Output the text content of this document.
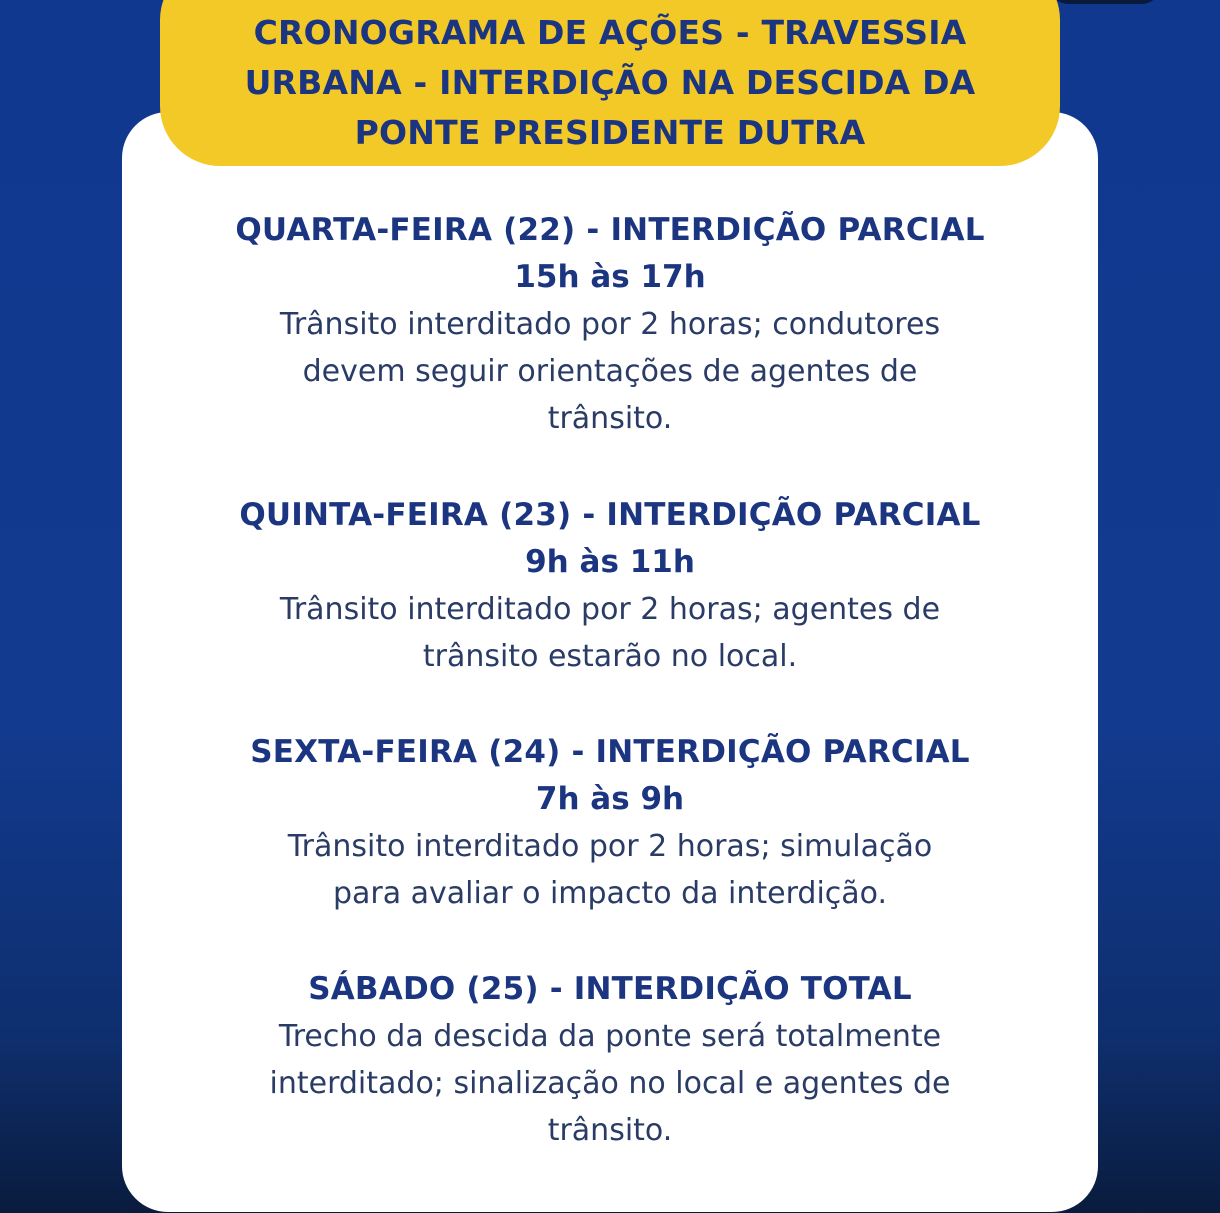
CRONOGRAMA DE AÇÕES - TRAVESSIA
URBANA - INTERDIÇÃO NA DESCIDA DA
PONTE PRESIDENTE DUTRA
QUARTA-FEIRA (22) - INTERDIÇÃO PARCIAL
15h às 17h
Trânsito interditado por 2 horas; condutores
devem seguir orientações de agentes de
trânsito.
QUINTA-FEIRA (23) - INTERDIÇÃO PARCIAL
9h às 11h
Trânsito interditado por 2 horas; agentes de
trânsito estarão no local.
SEXTA-FEIRA (24) - INTERDIÇÃO PARCIAL
7h às 9h
Trânsito interditado por 2 horas; simulação
para avaliar o impacto da interdição.
SÁBADO (25) - INTERDIÇÃO TOTAL
Trecho da descida da ponte será totalmente
interditado; sinalização no local e agentes de
trânsito.
